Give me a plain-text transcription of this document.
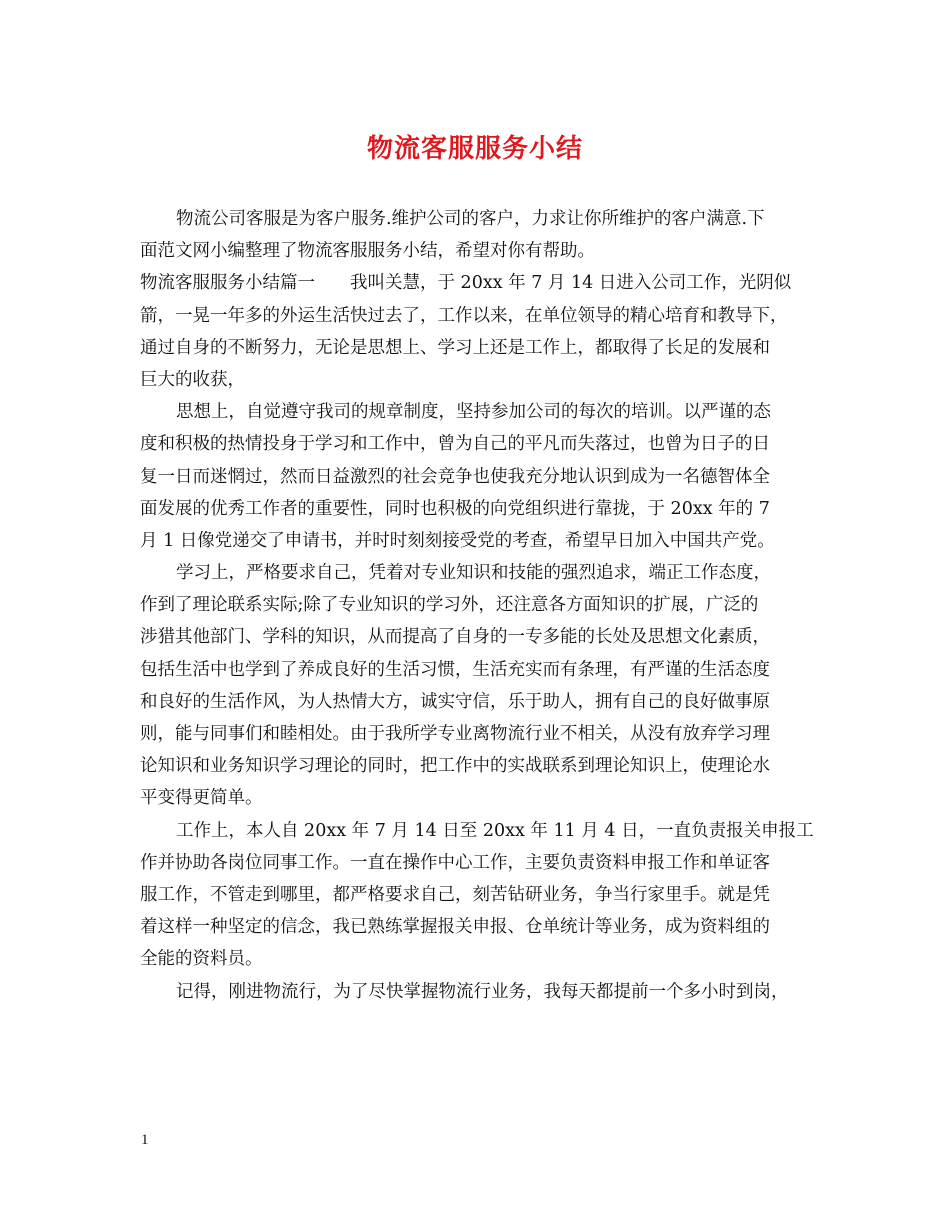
物流客服服务小结
物流公司客服是为客户服务.维护公司的客户，力求让你所维护的客户满意.下
面范文网小编整理了物流客服服务小结，希望对你有帮助。
物流客服服务小结篇一　　我叫关慧，于 20xx 年 7 月 14 日进入公司工作，光阴似
箭，一晃一年多的外运生活快过去了，工作以来，在单位领导的精心培育和教导下，
通过自身的不断努力，无论是思想上、学习上还是工作上，都取得了长足的发展和
巨大的收获，
思想上，自觉遵守我司的规章制度，坚持参加公司的每次的培训。以严谨的态
度和积极的热情投身于学习和工作中，曾为自己的平凡而失落过，也曾为日子的日
复一日而迷惘过，然而日益激烈的社会竞争也使我充分地认识到成为一名德智体全
面发展的优秀工作者的重要性，同时也积极的向党组织进行靠拢，于 20xx 年的 7
月 1 日像党递交了申请书，并时时刻刻接受党的考查，希望早日加入中国共产党。
学习上，严格要求自己，凭着对专业知识和技能的强烈追求，端正工作态度，
作到了理论联系实际;除了专业知识的学习外，还注意各方面知识的扩展，广泛的
涉猎其他部门、学科的知识，从而提高了自身的一专多能的长处及思想文化素质，
包括生活中也学到了养成良好的生活习惯，生活充实而有条理，有严谨的生活态度
和良好的生活作风，为人热情大方，诚实守信，乐于助人，拥有自己的良好做事原
则，能与同事们和睦相处。由于我所学专业离物流行业不相关，从没有放弃学习理
论知识和业务知识学习理论的同时，把工作中的实战联系到理论知识上，使理论水
平变得更简单。
工作上，本人自 20xx 年 7 月 14 日至 20xx 年 11 月 4 日，一直负责报关申报工
作并协助各岗位同事工作。一直在操作中心工作，主要负责资料申报工作和单证客
服工作，不管走到哪里，都严格要求自己，刻苦钻研业务，争当行家里手。就是凭
着这样一种坚定的信念，我已熟练掌握报关申报、仓单统计等业务，成为资料组的
全能的资料员。
记得，刚进物流行，为了尽快掌握物流行业务，我每天都提前一个多小时到岗，
1
